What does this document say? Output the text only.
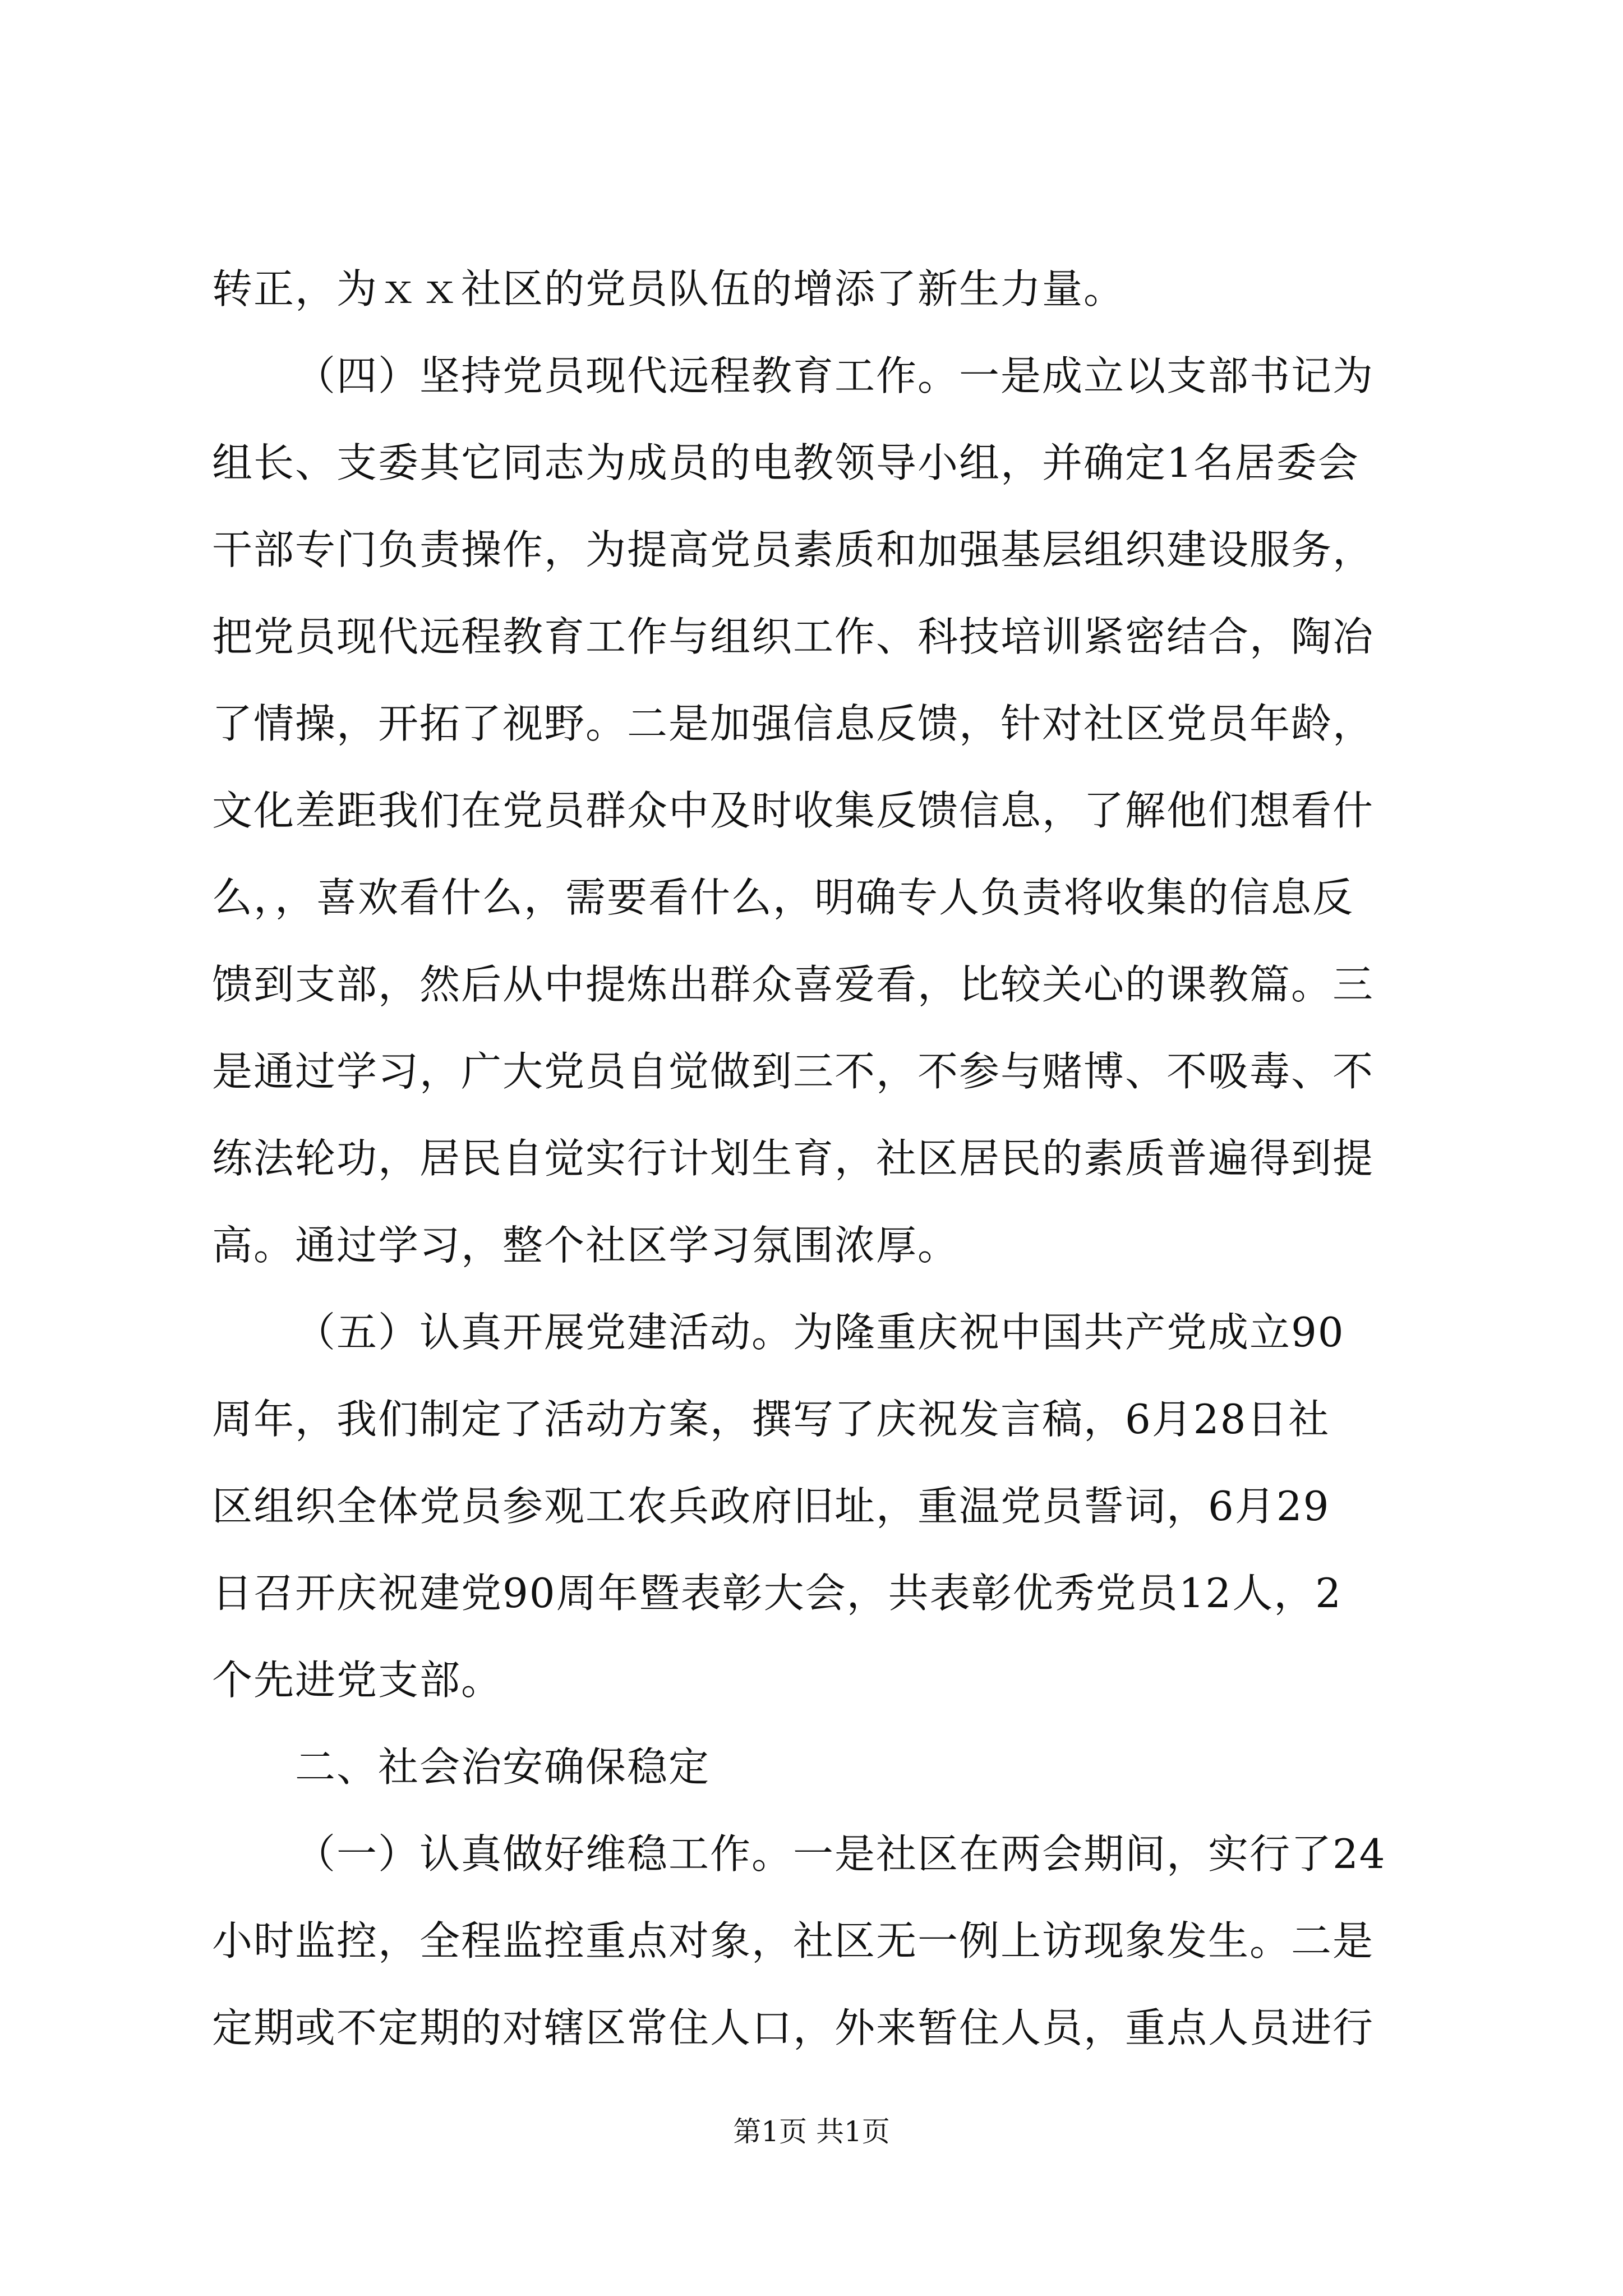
转正，为ｘｘ社区的党员队伍的增添了新生力量。
（四）坚持党员现代远程教育工作。一是成立以支部书记为
组长、支委其它同志为成员的电教领导小组，并确定1名居委会
干部专门负责操作，为提高党员素质和加强基层组织建设服务，
把党员现代远程教育工作与组织工作、科技培训紧密结合，陶冶
了情操，开拓了视野。二是加强信息反馈，针对社区党员年龄，
文化差距我们在党员群众中及时收集反馈信息，了解他们想看什
么，，喜欢看什么，需要看什么，明确专人负责将收集的信息反
馈到支部，然后从中提炼出群众喜爱看，比较关心的课教篇。三
是通过学习，广大党员自觉做到三不，不参与赌博、不吸毒、不
练法轮功，居民自觉实行计划生育，社区居民的素质普遍得到提
高。通过学习，整个社区学习氛围浓厚。
（五）认真开展党建活动。为隆重庆祝中国共产党成立90
周年，我们制定了活动方案，撰写了庆祝发言稿，6月28日社
区组织全体党员参观工农兵政府旧址，重温党员誓词，6月29
日召开庆祝建党90周年暨表彰大会，共表彰优秀党员12人，2
个先进党支部。
二、社会治安确保稳定
（一）认真做好维稳工作。一是社区在两会期间，实行了24
小时监控，全程监控重点对象，社区无一例上访现象发生。二是
定期或不定期的对辖区常住人口，外来暂住人员，重点人员进行
第1页 共1页
